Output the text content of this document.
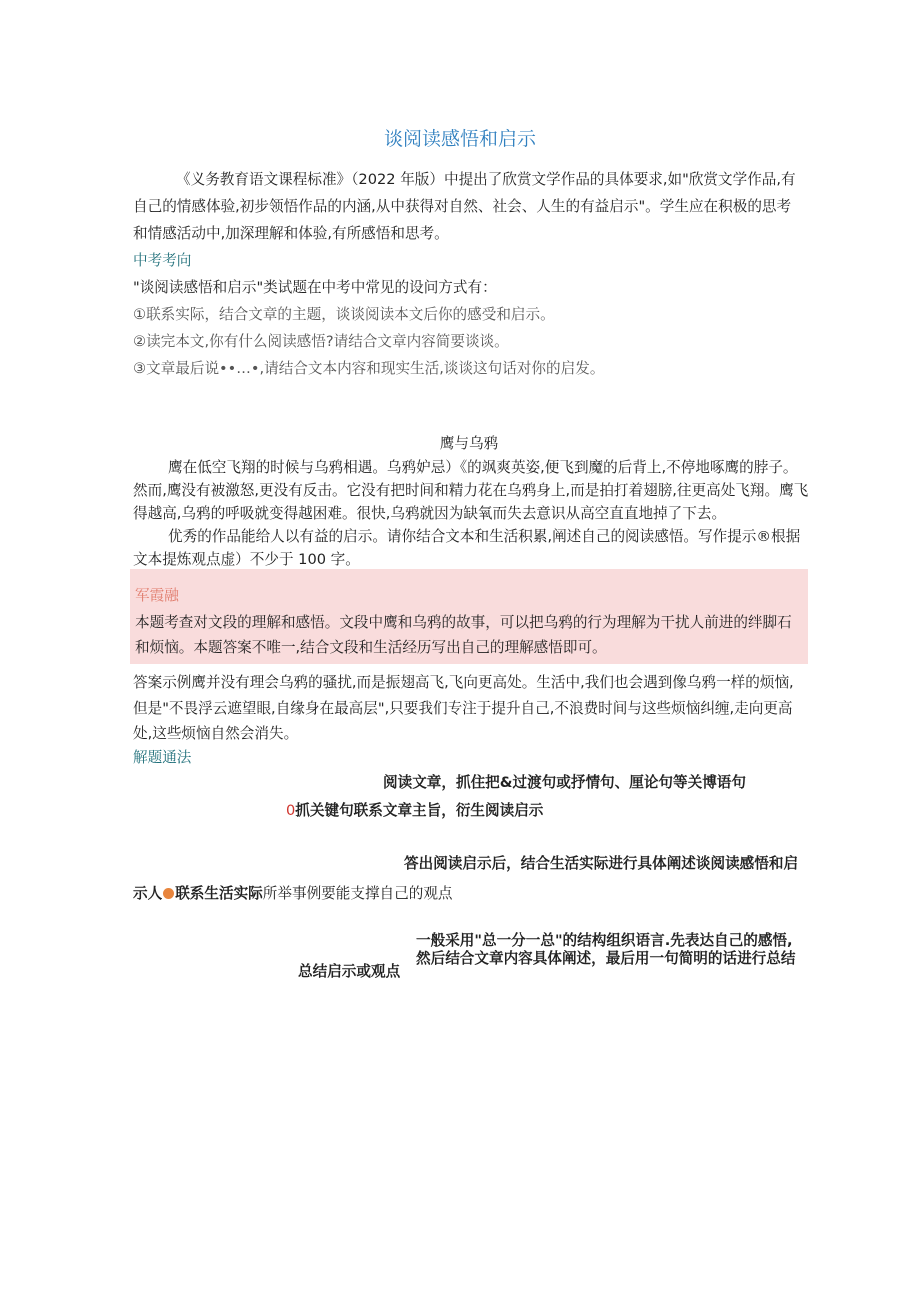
谈阅读感悟和启示
《义务教育语文课程标准》（2022 年版）中提出了欣赏文学作品的具体要求,如"欣赏文学作品,有
自己的情感体验,初步领悟作品的内涵,从中获得对自然、社会、人生的有益启示"。学生应在积极的思考
和情感活动中,加深理解和体验,有所感悟和思考。
中考考向
"谈阅读感悟和启示"类试题在中考中常见的设问方式有：
①联系实际，结合文章的主题，谈谈阅读本文后你的感受和启示。
②读完本文,你有什么阅读感悟?请结合文章内容简要谈谈。
③文章最后说••…•,请结合文本内容和现实生活,谈谈这句话对你的启发。
鹰与乌鸦
鹰在低空飞翔的时候与乌鸦相遇。乌鸦妒忌）《的飒爽英姿,便飞到魔的后背上,不停地啄鹰的脖子。
然而,鹰没有被激怒,更没有反击。它没有把时间和精力花在乌鸦身上,而是拍打着翅膀,往更高处飞翔。鹰飞
得越高,乌鸦的呼吸就变得越困难。很快,乌鸦就因为缺氧而失去意识从高空直直地掉了下去。
优秀的作品能给人以有益的启示。请你结合文本和生活积累,阐述自己的阅读感悟。写作提示®根据
文本提炼观点虚）不少于 100 字。
军霞融
本题考查对文段的理解和感悟。文段中鹰和乌鸦的故事，可以把乌鸦的行为理解为干扰人前进的绊脚石
和烦恼。本题答案不唯一,结合文段和生活经历写出自己的理解感悟即可。
答案示例鹰并没有理会乌鸦的骚扰,而是振翅高飞,飞向更高处。生活中,我们也会遇到像乌鸦一样的烦恼,
但是"不畏浮云遮望眼,自缘身在最高层",只要我们专注于提升自己,不浪费时间与这些烦恼纠缠,走向更高
处,这些烦恼自然会消失。
解题通法
阅读文章，抓住把&过渡句或抒情句、厘论句等关博语句
0抓关键句联系文章主旨，衍生阅读启示
答出阅读启示后，结合生活实际进行具体阐述谈阅读感悟和启
示人 联系生活实际所举事例要能支撑自己的观点
一般采用"总一分一总"的结构组织语言.先表达自己的感悟,
然后结合文章内容具体阐述，最后用一句简明的话进行总结
总结启示或观点
